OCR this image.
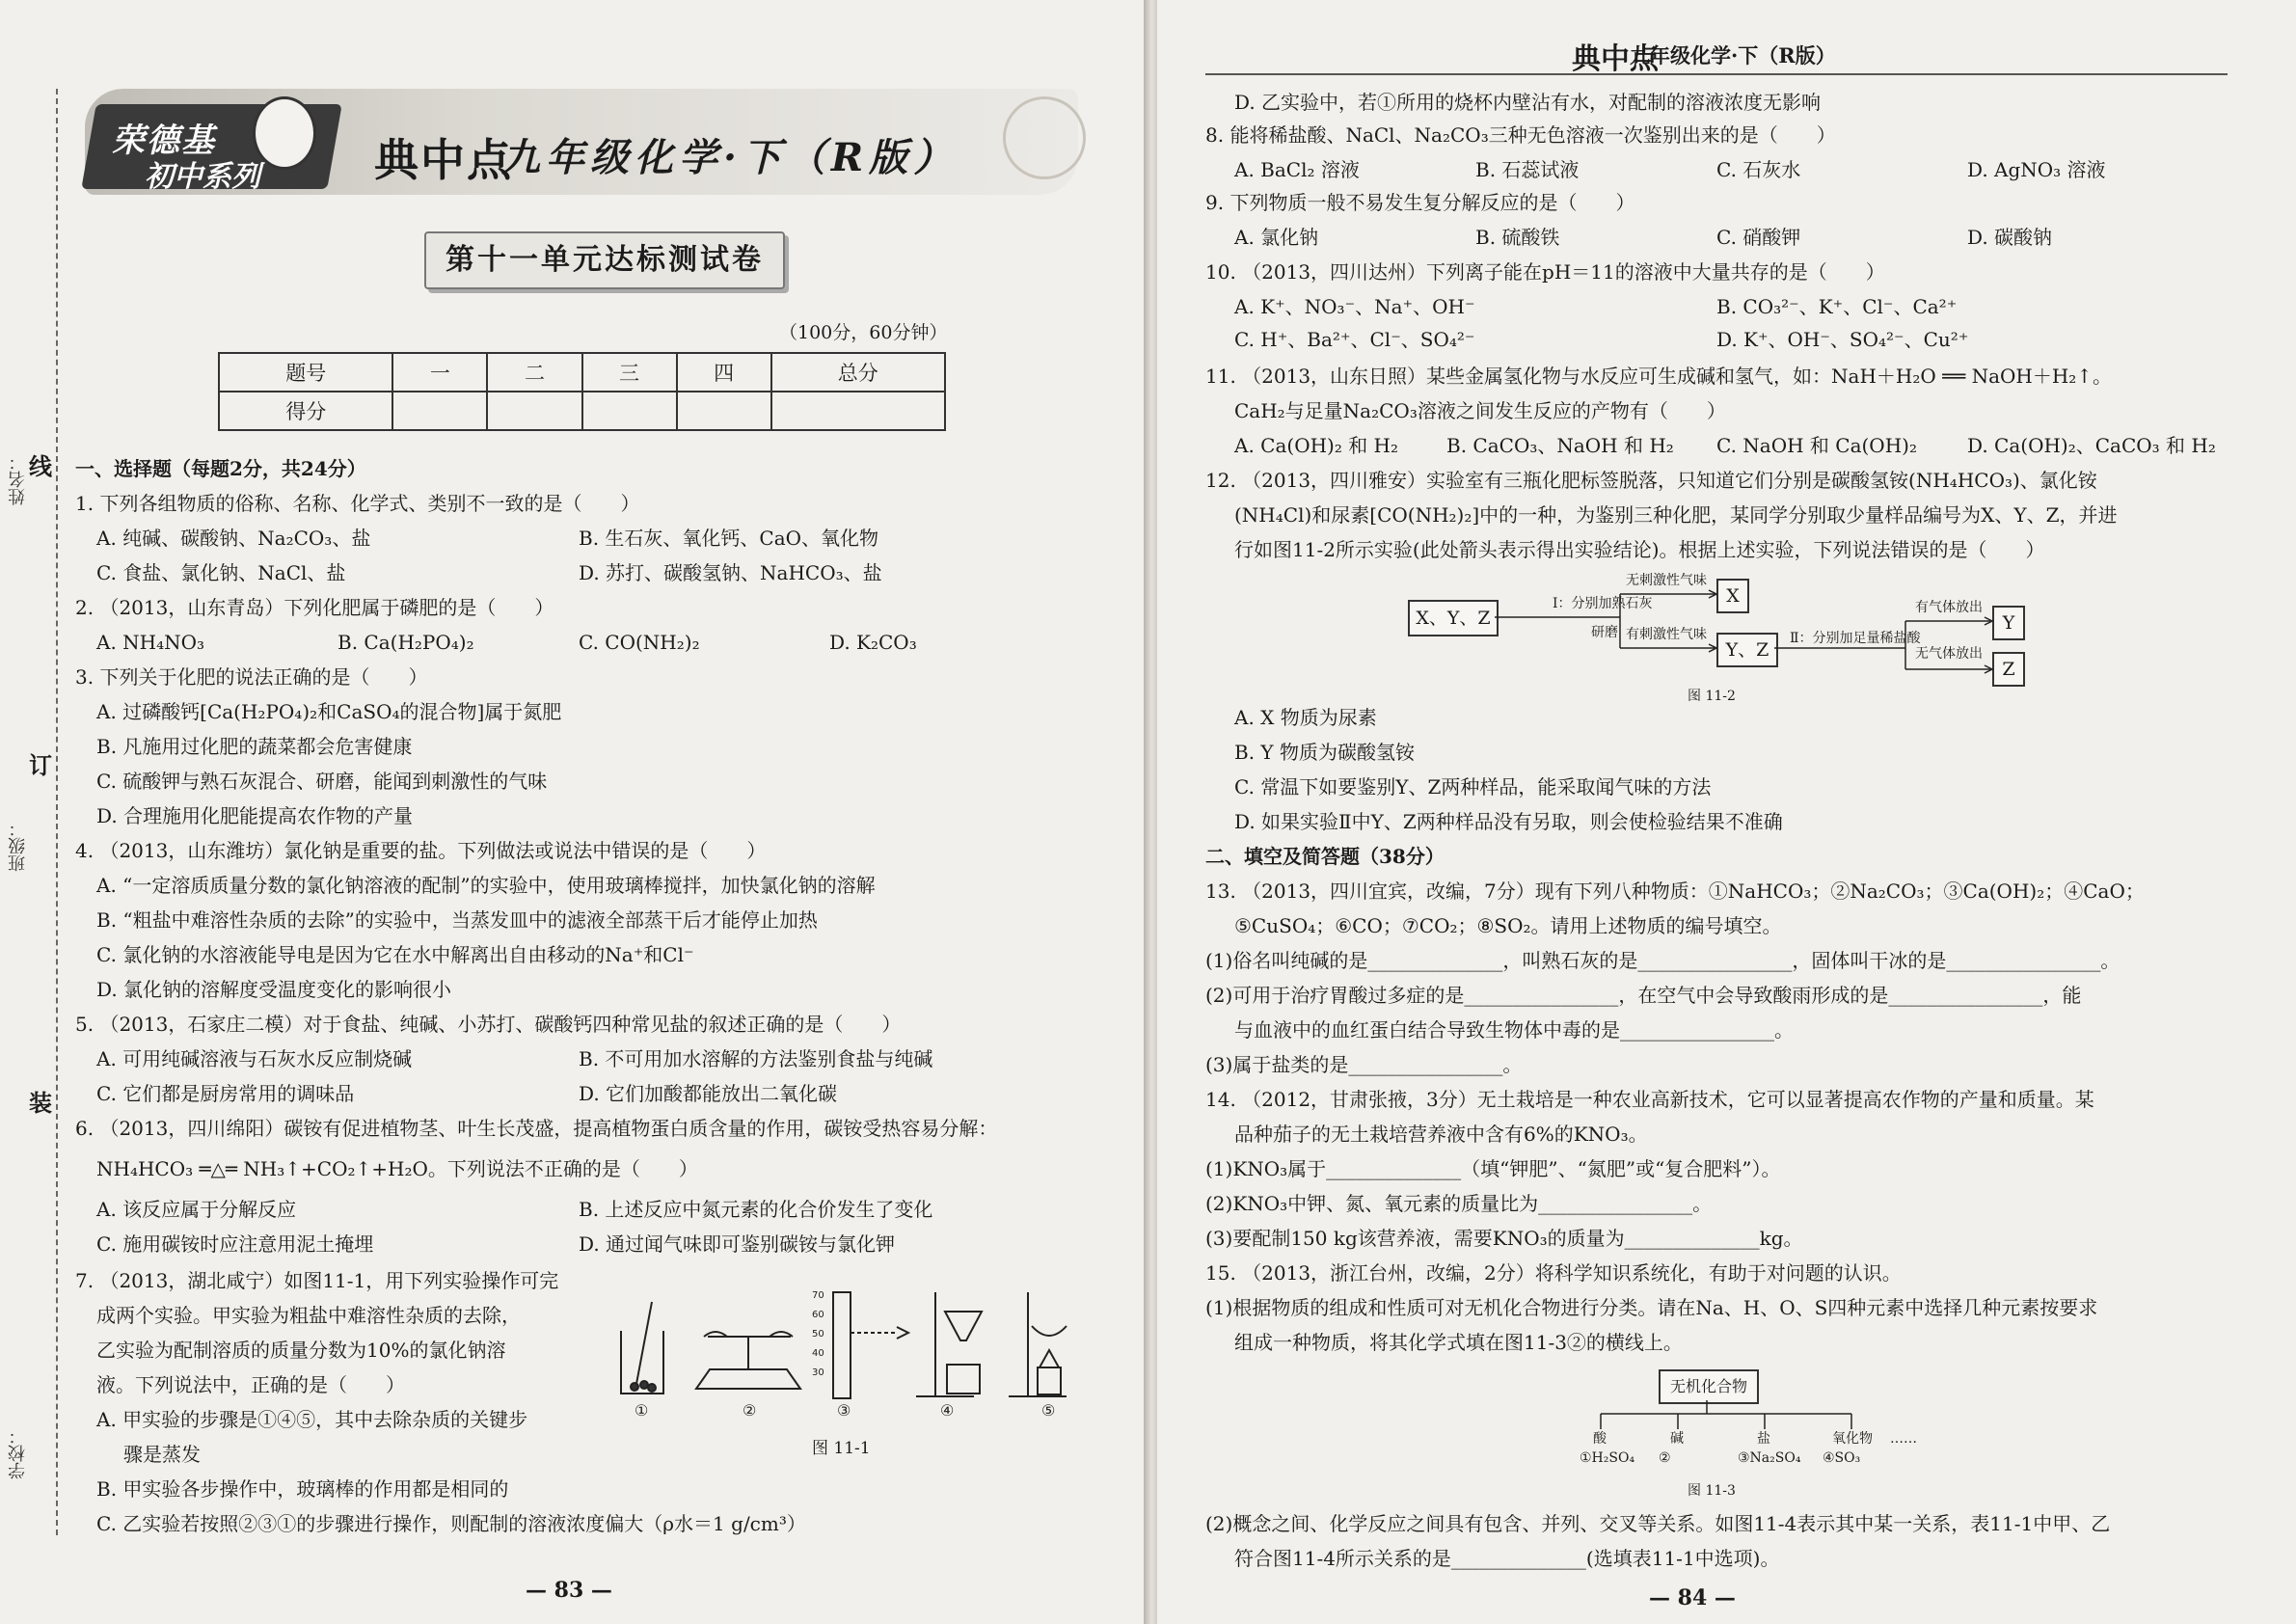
线
订
装
姓名：
班级：
学校：
荣德基
初中系列	典中点
九年级化学·下（R版）
第十一单元达标测试卷
（100分，60分钟）
题号	一	二	三	四	总分
得分					
一、选择题（每题2分，共24分）
1. 下列各组物质的俗称、名称、化学式、类别不一致的是（　　）
A. 纯碱、碳酸钠、Na₂CO₃、盐	B. 生石灰、氧化钙、CaO、氧化物
C. 食盐、氯化钠、NaCl、盐	D. 苏打、碳酸氢钠、NaHCO₃、盐
2. （2013，山东青岛）下列化肥属于磷肥的是（　　）
A. NH₄NO₃	B. Ca(H₂PO₄)₂	C. CO(NH₂)₂	D. K₂CO₃
3. 下列关于化肥的说法正确的是（　　）
A. 过磷酸钙[Ca(H₂PO₄)₂和CaSO₄的混合物]属于氮肥
B. 凡施用过化肥的蔬菜都会危害健康
C. 硫酸钾与熟石灰混合、研磨，能闻到刺激性的气味
D. 合理施用化肥能提高农作物的产量
4. （2013，山东潍坊）氯化钠是重要的盐。下列做法或说法中错误的是（　　）
A. “一定溶质质量分数的氯化钠溶液的配制”的实验中，使用玻璃棒搅拌，加快氯化钠的溶解
B. “粗盐中难溶性杂质的去除”的实验中，当蒸发皿中的滤液全部蒸干后才能停止加热
C. 氯化钠的水溶液能导电是因为它在水中解离出自由移动的Na⁺和Cl⁻
D. 氯化钠的溶解度受温度变化的影响很小
5. （2013，石家庄二模）对于食盐、纯碱、小苏打、碳酸钙四种常见盐的叙述正确的是（　　）
A. 可用纯碱溶液与石灰水反应制烧碱	B. 不可用加水溶解的方法鉴别食盐与纯碱
C. 它们都是厨房常用的调味品	D. 它们加酸都能放出二氧化碳
6. （2013，四川绵阳）碳铵有促进植物茎、叶生长茂盛，提高植物蛋白质含量的作用，碳铵受热容易分解：
NH₄HCO₃ ═△═ NH₃↑+CO₂↑+H₂O。下列说法不正确的是（　　）
A. 该反应属于分解反应	B. 上述反应中氮元素的化合价发生了变化
C. 施用碳铵时应注意用泥土掩埋	D. 通过闻气味即可鉴别碳铵与氯化钾
7. （2013，湖北咸宁）如图11-1，用下列实验操作可完
成两个实验。甲实验为粗盐中难溶性杂质的去除，
乙实验为配制溶质的质量分数为10%的氯化钠溶
液。下列说法中，正确的是（　　）
A. 甲实验的步骤是①④⑤，其中去除杂质的关键步
骤是蒸发
B. 甲实验各步操作中，玻璃棒的作用都是相同的
C. 乙实验若按照②③①的步骤进行操作，则配制的溶液浓度偏大（ρ水＝1 g/cm³）
70
60
50
40
30
①	②	③	④	⑤
图 11-1
— 83 —
典中点
九年级化学·下（R版）
D. 乙实验中，若①所用的烧杯内壁沾有水，对配制的溶液浓度无影响
8. 能将稀盐酸、NaCl、Na₂CO₃三种无色溶液一次鉴别出来的是（　　）
A. BaCl₂ 溶液	B. 石蕊试液	C. 石灰水	D. AgNO₃ 溶液
9. 下列物质一般不易发生复分解反应的是（　　）
A. 氯化钠	B. 硫酸铁	C. 硝酸钾	D. 碳酸钠
10. （2013，四川达州）下列离子能在pH＝11的溶液中大量共存的是（　　）
A. K⁺、NO₃⁻、Na⁺、OH⁻	B. CO₃²⁻、K⁺、Cl⁻、Ca²⁺
C. H⁺、Ba²⁺、Cl⁻、SO₄²⁻	D. K⁺、OH⁻、SO₄²⁻、Cu²⁺
11. （2013，山东日照）某些金属氢化物与水反应可生成碱和氢气，如：NaH＋H₂O ══ NaOH＋H₂↑。
CaH₂与足量Na₂CO₃溶液之间发生反应的产物有（　　）
A. Ca(OH)₂ 和 H₂ B. CaCO₃、NaOH 和 H₂ C. NaOH 和 Ca(OH)₂	D. Ca(OH)₂、CaCO₃ 和 H₂
12. （2013，四川雅安）实验室有三瓶化肥标签脱落，只知道它们分别是碳酸氢铵(NH₄HCO₃)、氯化铵
(NH₄Cl)和尿素[CO(NH₂)₂]中的一种，为鉴别三种化肥，某同学分别取少量样品编号为X、Y、Z，并进
行如图11-2所示实验(此处箭头表示得出实验结论)。根据上述实验，下列说法错误的是（　　）
X、Y、Z
Ⅰ：分别加熟石灰
研磨
无刺激性气味
有刺激性气味
X
Y、Z
Ⅱ：分别加足量稀盐酸
有气体放出
无气体放出
Y
Z
图 11-2
A. X 物质为尿素
B. Y 物质为碳酸氢铵
C. 常温下如要鉴别Y、Z两种样品，能采取闻气味的方法
D. 如果实验Ⅱ中Y、Z两种样品没有另取，则会使检验结果不准确
二、填空及简答题（38分）
13. （2013，四川宜宾，改编，7分）现有下列八种物质：①NaHCO₃；②Na₂CO₃；③Ca(OH)₂；④CaO；
⑤CuSO₄；⑥CO；⑦CO₂；⑧SO₂。请用上述物质的编号填空。
(1)俗名叫纯碱的是______________，叫熟石灰的是________________，固体叫干冰的是________________。
(2)可用于治疗胃酸过多症的是________________，在空气中会导致酸雨形成的是________________，能
与血液中的血红蛋白结合导致生物体中毒的是________________。
(3)属于盐类的是________________。
14. （2012，甘肃张掖，3分）无土栽培是一种农业高新技术，它可以显著提高农作物的产量和质量。某
品种茄子的无土栽培营养液中含有6%的KNO₃。
(1)KNO₃属于______________（填“钾肥”、“氮肥”或“复合肥料”）。
(2)KNO₃中钾、氮、氧元素的质量比为________________。
(3)要配制150 kg该营养液，需要KNO₃的质量为______________kg。
15. （2013，浙江台州，改编，2分）将科学知识系统化，有助于对问题的认识。
(1)根据物质的组成和性质可对无机化合物进行分类。请在Na、H、O、S四种元素中选择几种元素按要求
组成一种物质，将其化学式填在图11-3②的横线上。
无机化合物
酸	碱	盐	氧化物 ……
①H₂SO₄ ②	③Na₂SO₄ ④SO₃
图 11-3
(2)概念之间、化学反应之间具有包含、并列、交叉等关系。如图11-4表示其中某一关系，表11-1中甲、乙
符合图11-4所示关系的是______________(选填表11-1中选项)。
— 84 —
